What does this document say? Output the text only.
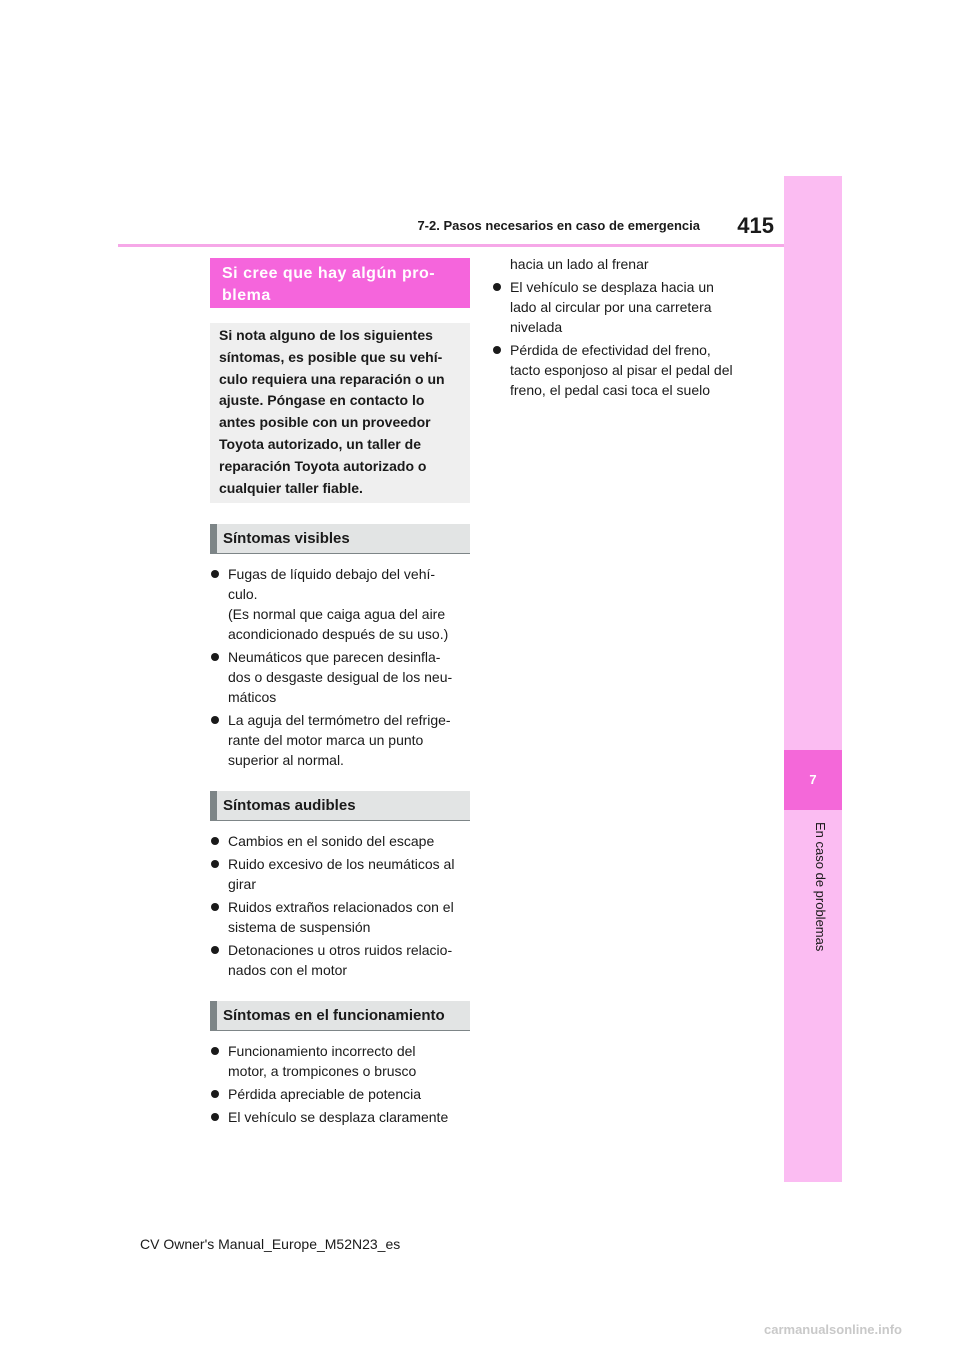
7
En caso de problemas
7-2. Pasos necesarios en caso de emergencia	415
Si cree que hay algún pro-
blema
Si nota alguno de los siguientes síntomas, es posible que su vehí-culo requiera una reparación o un ajuste. Póngase en contacto lo antes posible con un proveedor Toyota autorizado, un taller de reparación Toyota autorizado o cualquier taller fiable.
Síntomas visibles
Fugas de líquido debajo del vehí-
culo.
(Es normal que caiga agua del aire
acondicionado después de su uso.)
Neumáticos que parecen desinfla-
dos o desgaste desigual de los neu-
máticos
La aguja del termómetro del refrige-
rante del motor marca un punto
superior al normal.
Síntomas audibles
Cambios en el sonido del escape
Ruido excesivo de los neumáticos al
girar
Ruidos extraños relacionados con el
sistema de suspensión
Detonaciones u otros ruidos relacio-
nados con el motor
Síntomas en el funcionamiento
Funcionamiento incorrecto del
motor, a trompicones o brusco
Pérdida apreciable de potencia
El vehículo se desplaza claramente
hacia un lado al frenar
El vehículo se desplaza hacia un
lado al circular por una carretera
nivelada
Pérdida de efectividad del freno,
tacto esponjoso al pisar el pedal del
freno, el pedal casi toca el suelo
CV Owner's Manual_Europe_M52N23_es
carmanualsonline.info
